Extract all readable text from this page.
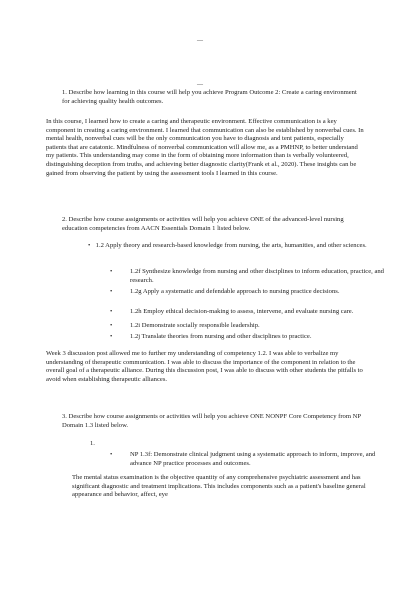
—
—

1. Describe how learning in this course will help you achieve Program Outcome 2: Create a caring environment for achieving quality health outcomes.

In this course, I learned how to create a caring and therapeutic environment. Effective communication is a key component in creating a caring environment. I learned that communication can also be established by nonverbal cues. In mental health, nonverbal cues will be the only communication you have to diagnosis and tent patients, especially patients that are catatonic. Mindfulness of nonverbal communication will allow me, as a PMHNP, to better understand my patients. This understanding may come in the form of obtaining more information than is verbally volunteered, distinguishing deception from truths, and achieving better diagnostic clarity(Frank et al., 2020). These insights can be gained from observing the patient by using the assessment tools I learned in this course.

2. Describe how course assignments or activities will help you achieve ONE of the advanced-level nursing education competencies from AACN Essentials Domain 1 listed below.

• 1.2 Apply theory and research-based knowledge from nursing, the arts, humanities, and other sciences.

•	1.2f Synthesize knowledge from nursing and other disciplines to inform education, practice, and research.
•	1.2g Apply a systematic and defendable approach to nursing practice decisions.
•	1.2h Employ ethical decision-making to assess, intervene, and evaluate nursing care.
•	1.2i Demonstrate socially responsible leadership.
•	1.2j Translate theories from nursing and other disciplines to practice.

Week 3 discussion post allowed me to further my understanding of competency 1.2. I was able to verbalize my understanding of therapeutic communication. I was able to discuss the importance of the component in relation to the overall goal of a therapeutic alliance. During this discussion post, I was able to discuss with other students the pitfalls to avoid when establishing therapeutic alliances.

3. Describe how course assignments or activities will help you achieve ONE NONPF Core Competency from NP Domain 1.3 listed below.

1.

•	NP 1.3f: Demonstrate clinical judgment using a systematic approach to inform, improve, and advance NP practice processes and outcomes.

The mental status examination is the objective quantity of any comprehensive psychiatric assessment and has significant diagnostic and treatment implications. This includes components such as a patient's baseline general appearance and behavior, affect, eye
